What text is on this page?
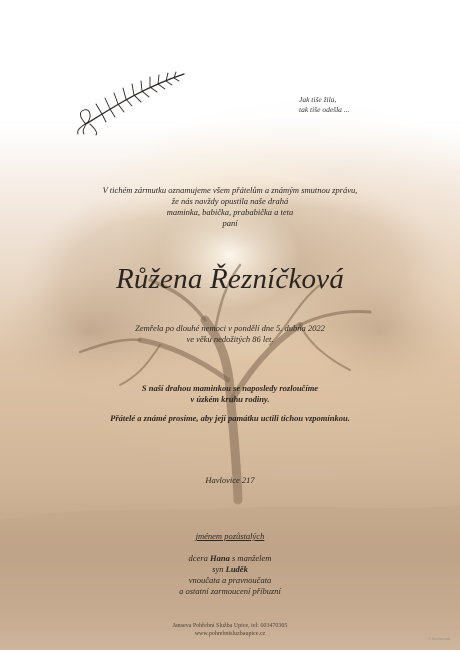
Jak tiše žila,
tak tiše odešla ...
V tichém zármutku oznamujeme všem přátelům a známým smutnou zprávu,
že nás navždy opustila naše drahá
maminka, babička, prababička a teta
paní
Růžena Řezníčková
Zemřela po dlouhé nemoci v pondělí dne 5. dubna 2022
ve věku nedožitých 86 let.
S naší drahou maminkou se naposledy rozloučíme
v úzkém kruhu rodiny.
Přátelé a známé prosíme, aby její památku uctili tichou vzpomínkou.
Havlovice 217
jménem pozůstalých
dcera Hana s manželem
syn Luděk
vnoučata a pravnoučata
a ostatní zarmoucení příbuzní
Janseva Pohřební Služba Upice, tel: 603470305
www.pohrebnisluzbaupice.cz
© fotolia.com
